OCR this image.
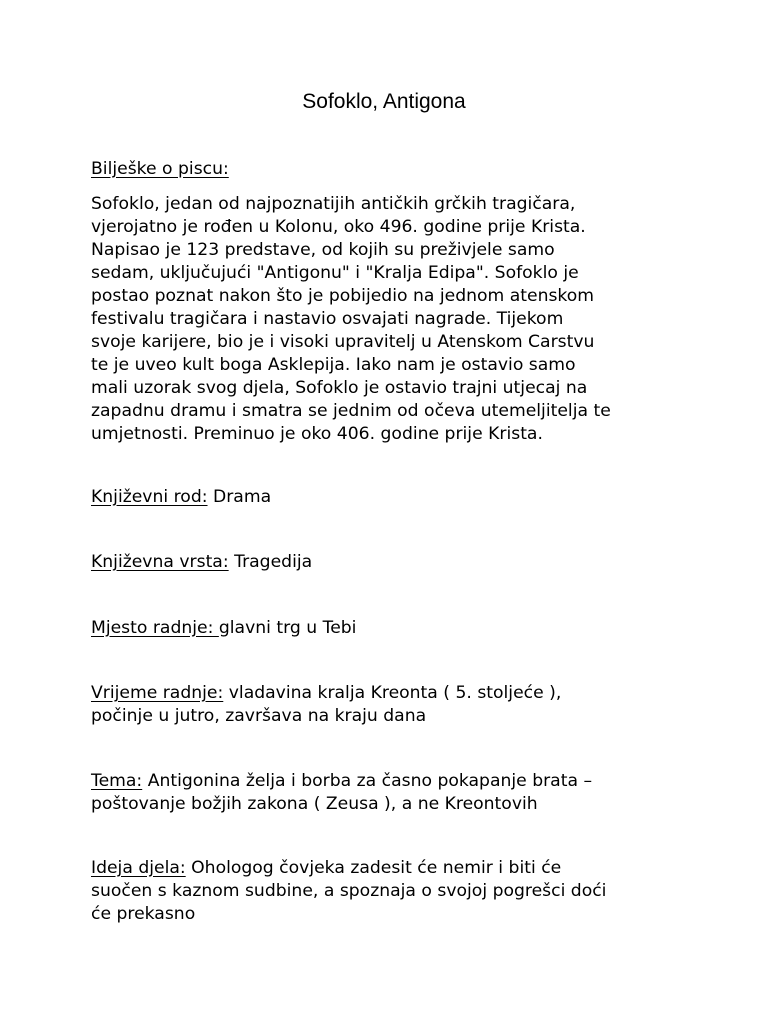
Sofoklo, Antigona
Bilješke o piscu:
Sofoklo, jedan od najpoznatijih antičkih grčkih tragičara,
vjerojatno je rođen u Kolonu, oko 496. godine prije Krista.
Napisao je 123 predstave, od kojih su preživjele samo
sedam, uključujući "Antigonu" i "Kralja Edipa". Sofoklo je
postao poznat nakon što je pobijedio na jednom atenskom
festivalu tragičara i nastavio osvajati nagrade. Tijekom
svoje karijere, bio je i visoki upravitelj u Atenskom Carstvu
te je uveo kult boga Asklepija. Iako nam je ostavio samo
mali uzorak svog djela, Sofoklo je ostavio trajni utjecaj na
zapadnu dramu i smatra se jednim od očeva utemeljitelja te
umjetnosti. Preminuo je oko 406. godine prije Krista.
Književni rod: Drama
Književna vrsta: Tragedija
Mjesto radnje: glavni trg u Tebi
Vrijeme radnje: vladavina kralja Kreonta ( 5. stoljeće ),
počinje u jutro, završava na kraju dana
Tema: Antigonina želja i borba za časno pokapanje brata –
poštovanje božjih zakona ( Zeusa ), a ne Kreontovih
Ideja djela: Ohologog čovjeka zadesit će nemir i biti će
suočen s kaznom sudbine, a spoznaja o svojoj pogrešci doći
će prekasno
